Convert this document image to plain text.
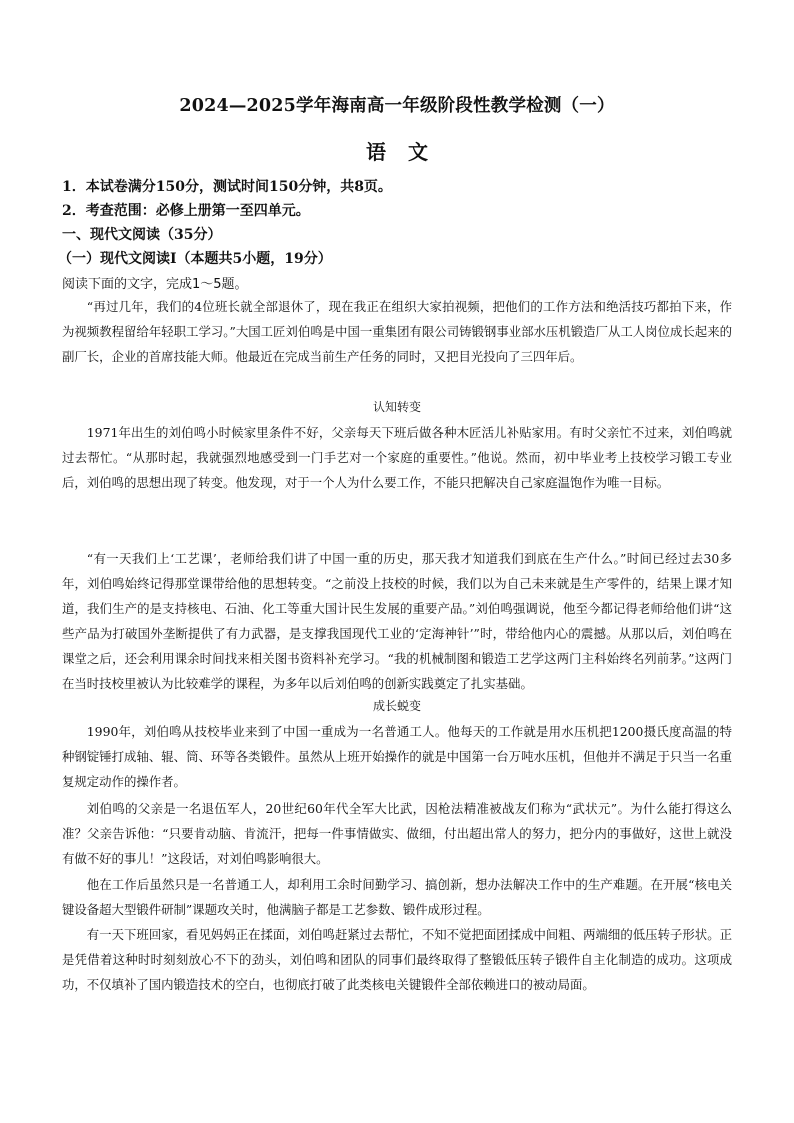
2024—2025学年海南高一年级阶段性教学检测（一）
语文
1．本试卷满分150分，测试时间150分钟，共8页。
2．考查范围：必修上册第一至四单元。
一、现代文阅读（35分）
（一）现代文阅读Ⅰ（本题共5小题，19分）
阅读下面的文字，完成1～5题。
“再过几年，我们的4位班长就全部退休了，现在我正在组织大家拍视频，把他们的工作方法和绝活技巧都拍下来，作为视频教程留给年轻职工学习。”大国工匠刘伯鸣是中国一重集团有限公司铸锻钢事业部水压机锻造厂从工人岗位成长起来的副厂长，企业的首席技能大师。他最近在完成当前生产任务的同时，又把目光投向了三四年后。
认知转变
1971年出生的刘伯鸣小时候家里条件不好，父亲每天下班后做各种木匠活儿补贴家用。有时父亲忙不过来，刘伯鸣就过去帮忙。“从那时起，我就强烈地感受到一门手艺对一个家庭的重要性。”他说。然而，初中毕业考上技校学习锻工专业后，刘伯鸣的思想出现了转变。他发现，对于一个人为什么要工作，不能只把解决自己家庭温饱作为唯一目标。
“有一天我们上‘工艺课’，老师给我们讲了中国一重的历史，那天我才知道我们到底在生产什么。”时间已经过去30多年，刘伯鸣始终记得那堂课带给他的思想转变。“之前没上技校的时候，我们以为自己未来就是生产零件的，结果上课才知道，我们生产的是支持核电、石油、化工等重大国计民生发展的重要产品。”刘伯鸣强调说，他至今都记得老师给他们讲“这些产品为打破国外垄断提供了有力武器，是支撑我国现代工业的‘定海神针’”时，带给他内心的震撼。从那以后，刘伯鸣在课堂之后，还会利用课余时间找来相关图书资料补充学习。“我的机械制图和锻造工艺学这两门主科始终名列前茅。”这两门在当时技校里被认为比较难学的课程，为多年以后刘伯鸣的创新实践奠定了扎实基础。
成长蜕变
1990年，刘伯鸣从技校毕业来到了中国一重成为一名普通工人。他每天的工作就是用水压机把1200摄氏度高温的特种钢锭锤打成轴、辊、筒、环等各类锻件。虽然从上班开始操作的就是中国第一台万吨水压机，但他并不满足于只当一名重复规定动作的操作者。
刘伯鸣的父亲是一名退伍军人，20世纪60年代全军大比武，因枪法精准被战友们称为“武状元”。为什么能打得这么准？父亲告诉他：“只要肯动脑、肯流汗，把每一件事情做实、做细，付出超出常人的努力，把分内的事做好，这世上就没有做不好的事儿！”这段话，对刘伯鸣影响很大。
他在工作后虽然只是一名普通工人，却利用工余时间勤学习、搞创新，想办法解决工作中的生产难题。在开展“核电关键设备超大型锻件研制”课题攻关时，他满脑子都是工艺参数、锻件成形过程。
有一天下班回家，看见妈妈正在揉面，刘伯鸣赶紧过去帮忙，不知不觉把面团揉成中间粗、两端细的低压转子形状。正是凭借着这种时时刻刻放心不下的劲头，刘伯鸣和团队的同事们最终取得了整锻低压转子锻件自主化制造的成功。这项成功，不仅填补了国内锻造技术的空白，也彻底打破了此类核电关键锻件全部依赖进口的被动局面。
